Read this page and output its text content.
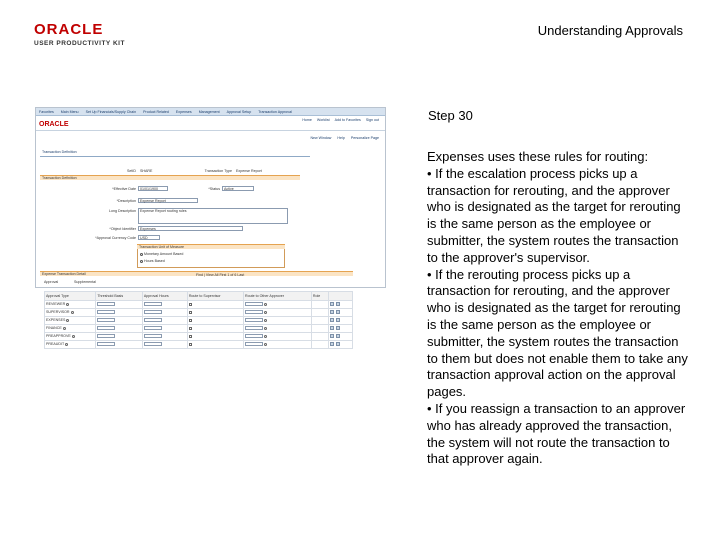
ORACLE
USER PRODUCTIVITY KIT
Understanding Approvals
Favorites Main Menu Set Up Financials/Supply Chain Product Related Expenses Management Approval Setup Transaction Approval
ORACLE
Home Worklist Add to Favorites Sign out
New Window Help Personalize Page
Transaction Definition
SetID SHARE	Transaction Type Expense Report
Transaction Definition
*Effective Date	01/01/1900	*Status	Active
*Description	Expense Report
Long Description	Expense Report routing rules
*Object Identifier	Expenses
*Approval Currency Code	USD
Transaction Unit of Measure
Monetary Amount Based
Hours Based
Expense Transaction Detail	Find | View All First 1 of 6 Last
Approval	Supplemental
Approval Type	Threshold Basis	Approval Hours	Route to Supervisor	Route to Other Approver	Role	
REVIEWER						
SUPERVISOR						
EXPENSES						
FINANCE						
PREAPPROVE						
PREAUDIT						
Step 30

Expenses uses these rules for routing:

• If the escalation process picks up a transaction for rerouting, and the approver who is designated as the target for rerouting is the same person as the employee or submitter, the system routes the transaction to the approver's supervisor.

• If the rerouting process picks up a transaction for rerouting, and the approver who is designated as the target for rerouting is the same person as the employee or submitter, the system routes the transaction to them but does not enable them to take any transaction approval action on the approval pages.

• If you reassign a transaction to an approver who has already approved the transaction, the system will not route the transaction to that approver again.
